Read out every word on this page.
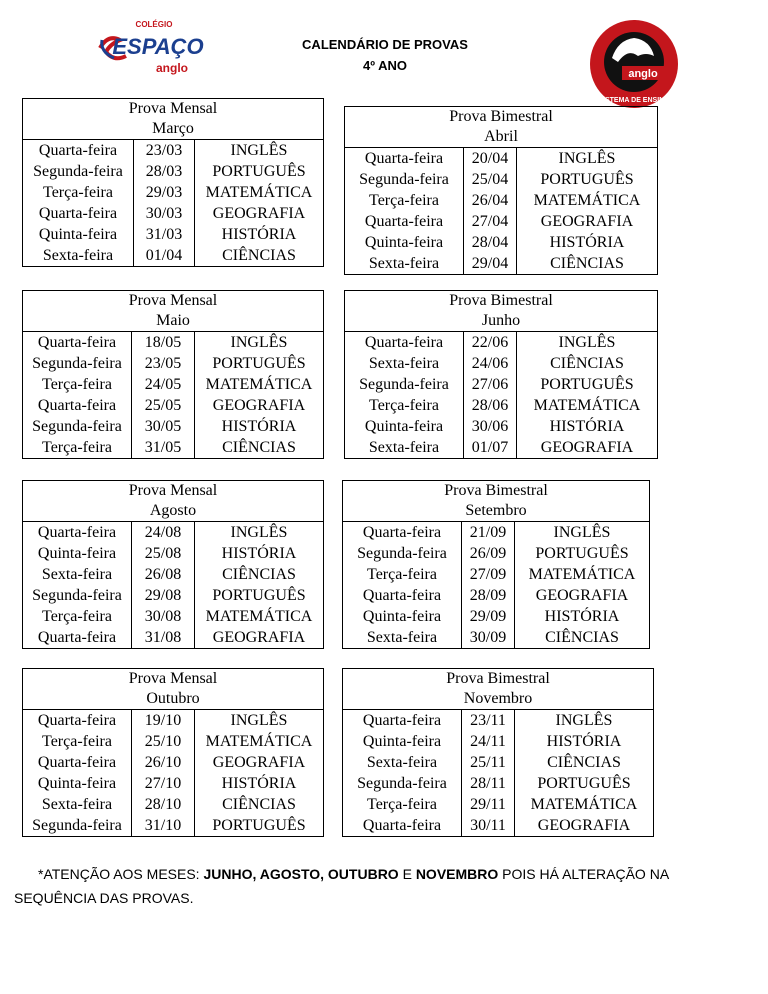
COLÉGIO
ESPAÇO
anglo	anglo
SISTEMA DE ENSINO
CALENDÁRIO DE PROVAS
4º ANO
Prova Mensal
Março
Quarta-feira	23/03	INGLÊS
Segunda-feira	28/03	PORTUGUÊS
Terça-feira	29/03	MATEMÁTICA
Quarta-feira	30/03	GEOGRAFIA
Quinta-feira	31/03	HISTÓRIA
Sexta-feira	01/04	CIÊNCIAS
Prova Bimestral
Abril
Quarta-feira	20/04	INGLÊS
Segunda-feira	25/04	PORTUGUÊS
Terça-feira	26/04	MATEMÁTICA
Quarta-feira	27/04	GEOGRAFIA
Quinta-feira	28/04	HISTÓRIA
Sexta-feira	29/04	CIÊNCIAS
Prova Mensal
Maio
Quarta-feira	18/05	INGLÊS
Segunda-feira	23/05	PORTUGUÊS
Terça-feira	24/05	MATEMÁTICA
Quarta-feira	25/05	GEOGRAFIA
Segunda-feira	30/05	HISTÓRIA
Terça-feira	31/05	CIÊNCIAS
Prova Bimestral
Junho
Quarta-feira	22/06	INGLÊS
Sexta-feira	24/06	CIÊNCIAS
Segunda-feira	27/06	PORTUGUÊS
Terça-feira	28/06	MATEMÁTICA
Quinta-feira	30/06	HISTÓRIA
Sexta-feira	01/07	GEOGRAFIA
Prova Mensal
Agosto
Quarta-feira	24/08	INGLÊS
Quinta-feira	25/08	HISTÓRIA
Sexta-feira	26/08	CIÊNCIAS
Segunda-feira	29/08	PORTUGUÊS
Terça-feira	30/08	MATEMÁTICA
Quarta-feira	31/08	GEOGRAFIA
Prova Bimestral
Setembro
Quarta-feira	21/09	INGLÊS
Segunda-feira	26/09	PORTUGUÊS
Terça-feira	27/09	MATEMÁTICA
Quarta-feira	28/09	GEOGRAFIA
Quinta-feira	29/09	HISTÓRIA
Sexta-feira	30/09	CIÊNCIAS
Prova Mensal
Outubro
Quarta-feira	19/10	INGLÊS
Terça-feira	25/10	MATEMÁTICA
Quarta-feira	26/10	GEOGRAFIA
Quinta-feira	27/10	HISTÓRIA
Sexta-feira	28/10	CIÊNCIAS
Segunda-feira	31/10	PORTUGUÊS
Prova Bimestral
Novembro
Quarta-feira	23/11	INGLÊS
Quinta-feira	24/11	HISTÓRIA
Sexta-feira	25/11	CIÊNCIAS
Segunda-feira	28/11	PORTUGUÊS
Terça-feira	29/11	MATEMÁTICA
Quarta-feira	30/11	GEOGRAFIA
*ATENÇÃO AOS MESES: JUNHO, AGOSTO, OUTUBRO E NOVEMBRO POIS HÁ ALTERAÇÃO NA
SEQUÊNCIA DAS PROVAS.
